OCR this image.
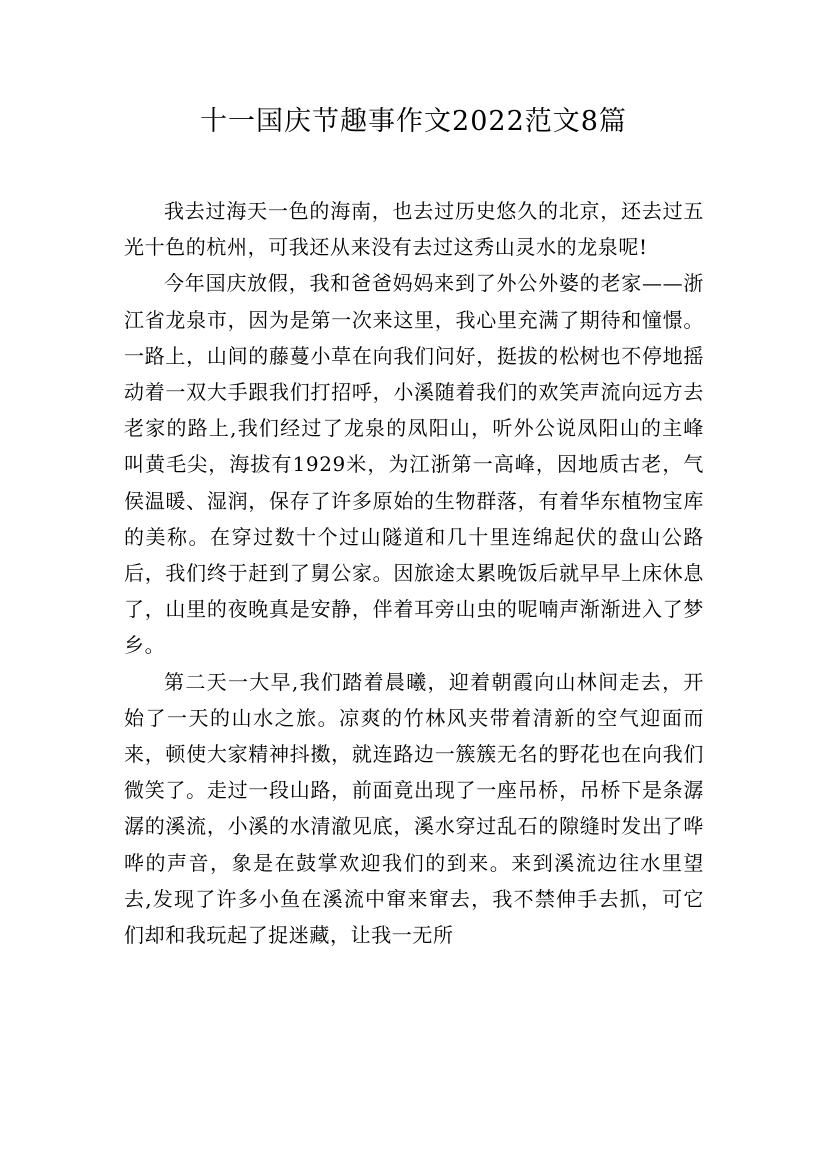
十一国庆节趣事作文2022范文8篇

我去过海天一色的海南，也去过历史悠久的北京，还去过五光十色的杭州，可我还从来没有去过这秀山灵水的龙泉呢!

今年国庆放假，我和爸爸妈妈来到了外公外婆的老家——浙江省龙泉市，因为是第一次来这里，我心里充满了期待和憧憬。一路上，山间的藤蔓小草在向我们问好，挺拔的松树也不停地摇动着一双大手跟我们打招呼，小溪随着我们的欢笑声流向远方去老家的路上,我们经过了龙泉的凤阳山，听外公说凤阳山的主峰叫黄毛尖，海拔有1929米，为江浙第一高峰，因地质古老，气侯温暖、湿润，保存了许多原始的生物群落，有着华东植物宝库的美称。在穿过数十个过山隧道和几十里连绵起伏的盘山公路后，我们终于赶到了舅公家。因旅途太累晚饭后就早早上床休息了，山里的夜晚真是安静，伴着耳旁山虫的呢喃声渐渐进入了梦乡。

第二天一大早,我们踏着晨曦，迎着朝霞向山林间走去，开始了一天的山水之旅。凉爽的竹林风夹带着清新的空气迎面而来，顿使大家精神抖擞，就连路边一簇簇无名的野花也在向我们微笑了。走过一段山路，前面竟出现了一座吊桥，吊桥下是条潺潺的溪流，小溪的水清澈见底，溪水穿过乱石的隙缝时发出了哗哗的声音，象是在鼓掌欢迎我们的到来。来到溪流边往水里望去,发现了许多小鱼在溪流中窜来窜去，我不禁伸手去抓，可它们却和我玩起了捉迷藏，让我一无所
